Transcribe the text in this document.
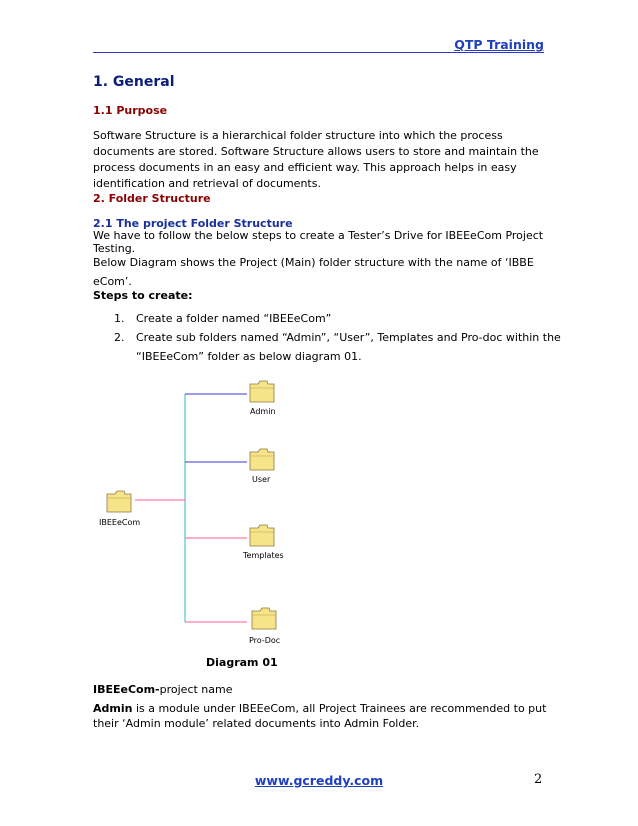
QTP Training
1. General
1.1 Purpose
Software Structure is a hierarchical folder structure into which the process
documents are stored. Software Structure allows users to store and maintain the
process documents in an easy and efficient way. This approach helps in easy
identification and retrieval of documents.
2. Folder Structure
2.1 The project Folder Structure
We have to follow the below steps to create a Tester’s Drive for IBEEeCom Project
Testing.
Below Diagram shows the Project (Main) folder structure with the name of ‘IBBE
eCom’.
Steps to create:
1. Create a folder named “IBEEeCom”
2. Create sub folders named “Admin”, “User”, Templates and Pro-doc within the
“IBEEeCom” folder as below diagram 01.
IBEEeCom
Admin
User
Templates
Pro-Doc
Diagram 01
IBEEeCom-project name
Admin is a module under IBEEeCom, all Project Trainees are recommended to put
their ‘Admin module’ related documents into Admin Folder.
www.gcreddy.com	2
